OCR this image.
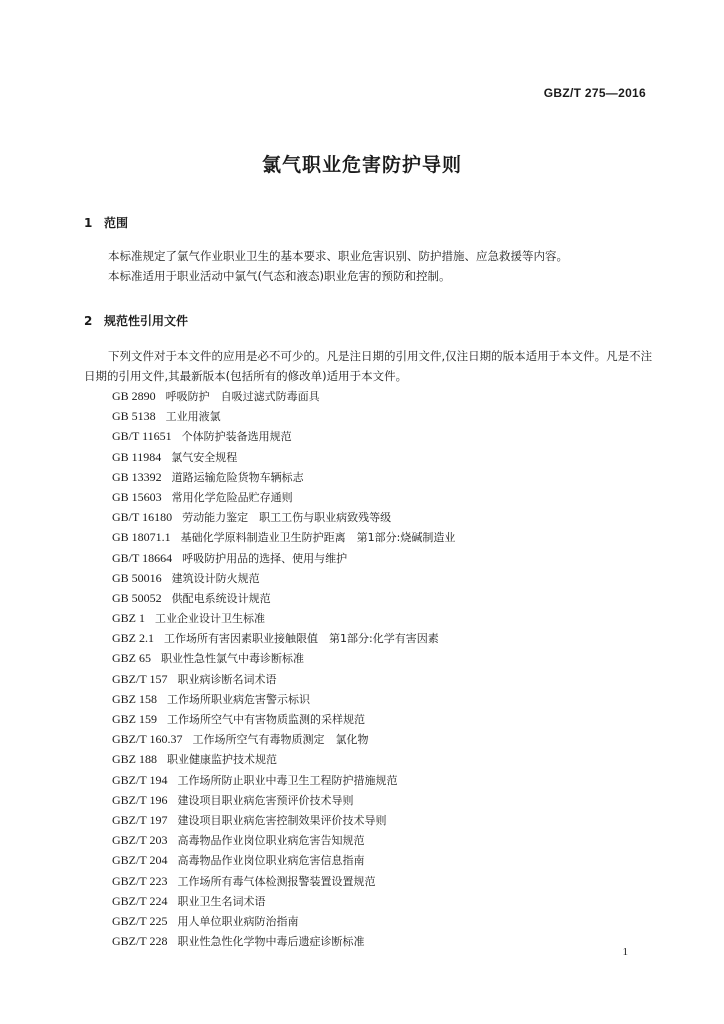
GBZ/T 275—2016
氯气职业危害防护导则
1 范围
本标准规定了氯气作业职业卫生的基本要求、职业危害识别、防护措施、应急救援等内容。
本标准适用于职业活动中氯气(气态和液态)职业危害的预防和控制。
2 规范性引用文件
下列文件对于本文件的应用是必不可少的。凡是注日期的引用文件,仅注日期的版本适用于本文件。凡是不注日期的引用文件,其最新版本(包括所有的修改单)适用于本文件。
GB 2890 呼吸防护　自吸过滤式防毒面具
GB 5138 工业用液氯
GB/T 11651 个体防护装备选用规范
GB 11984 氯气安全规程
GB 13392 道路运输危险货物车辆标志
GB 15603 常用化学危险品贮存通则
GB/T 16180 劳动能力鉴定　职工工伤与职业病致残等级
GB 18071.1 基础化学原料制造业卫生防护距离　第1部分:烧碱制造业
GB/T 18664 呼吸防护用品的选择、使用与维护
GB 50016 建筑设计防火规范
GB 50052 供配电系统设计规范
GBZ 1 工业企业设计卫生标准
GBZ 2.1 工作场所有害因素职业接触限值　第1部分:化学有害因素
GBZ 65 职业性急性氯气中毒诊断标准
GBZ/T 157 职业病诊断名词术语
GBZ 158 工作场所职业病危害警示标识
GBZ 159 工作场所空气中有害物质监测的采样规范
GBZ/T 160.37 工作场所空气有毒物质测定　氯化物
GBZ 188 职业健康监护技术规范
GBZ/T 194 工作场所防止职业中毒卫生工程防护措施规范
GBZ/T 196 建设项目职业病危害预评价技术导则
GBZ/T 197 建设项目职业病危害控制效果评价技术导则
GBZ/T 203 高毒物品作业岗位职业病危害告知规范
GBZ/T 204 高毒物品作业岗位职业病危害信息指南
GBZ/T 223 工作场所有毒气体检测报警装置设置规范
GBZ/T 224 职业卫生名词术语
GBZ/T 225 用人单位职业病防治指南
GBZ/T 228 职业性急性化学物中毒后遗症诊断标准
1
